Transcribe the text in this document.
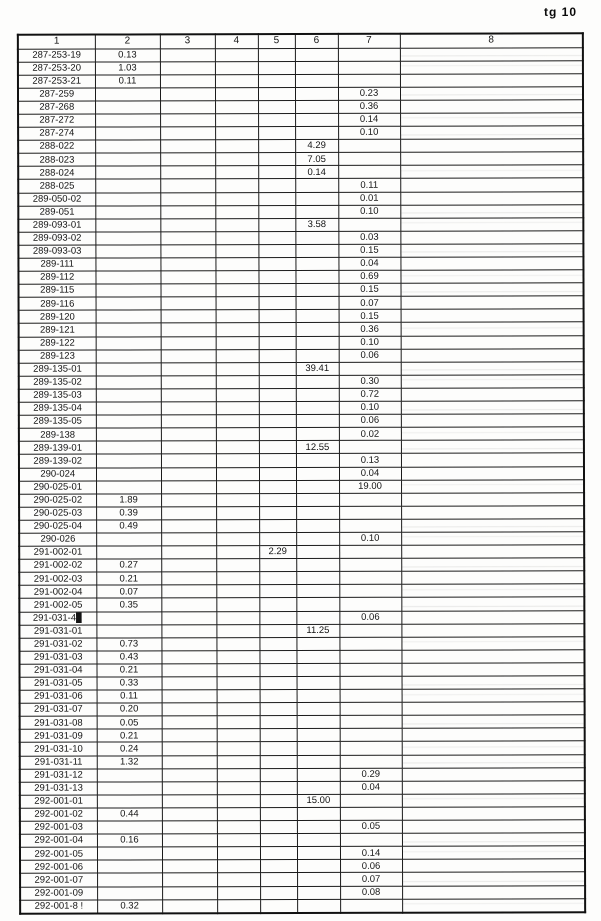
tg 10
1	2	3	4	5	6	7	8
287-253-19	0.13						
287-253-20	1.03						
287-253-21	0.11						
287-259						0.23	
287-268						0.36	
287-272						0.14	
287-274						0.10	
288-022					4.29		
288-023					7.05		
288-024					0.14		
288-025						0.11	
289-050-02						0.01	
289-051						0.10	
289-093-01					3.58		
289-093-02						0.03	
289-093-03						0.15	
289-111						0.04	
289-112						0.69	
289-115						0.15	
289-116						0.07	
289-120						0.15	
289-121						0.36	
289-122						0.10	
289-123						0.06	
289-135-01					39.41		
289-135-02						0.30	
289-135-03						0.72	
289-135-04						0.10	
289-135-05						0.06	
289-138						0.02	
289-139-01					12.55		
289-139-02						0.13	
290-024						0.04	
290-025-01						19.00	
290-025-02	1.89						
290-025-03	0.39						
290-025-04	0.49						
290-026						0.10	
291-002-01				2.29			
291-002-02	0.27						
291-002-03	0.21						
291-002-04	0.07						
291-002-05	0.35						
291-031-4▊						0.06	
291-031-01					11.25		
291-031-02	0.73						
291-031-03	0.43						
291-031-04	0.21						
291-031-05	0.33						
291-031-06	0.11						
291-031-07	0.20						
291-031-08	0.05						
291-031-09	0.21						
291-031-10	0.24						
291-031-11	1.32						
291-031-12						0.29	
291-031-13						0.04	
292-001-01					15.00		
292-001-02	0.44						
292-001-03						0.05	
292-001-04	0.16						
292-001-05						0.14	
292-001-06						0.06	
292-001-07						0.07	
292-001-09						0.08	
292-001-8 !	0.32						
